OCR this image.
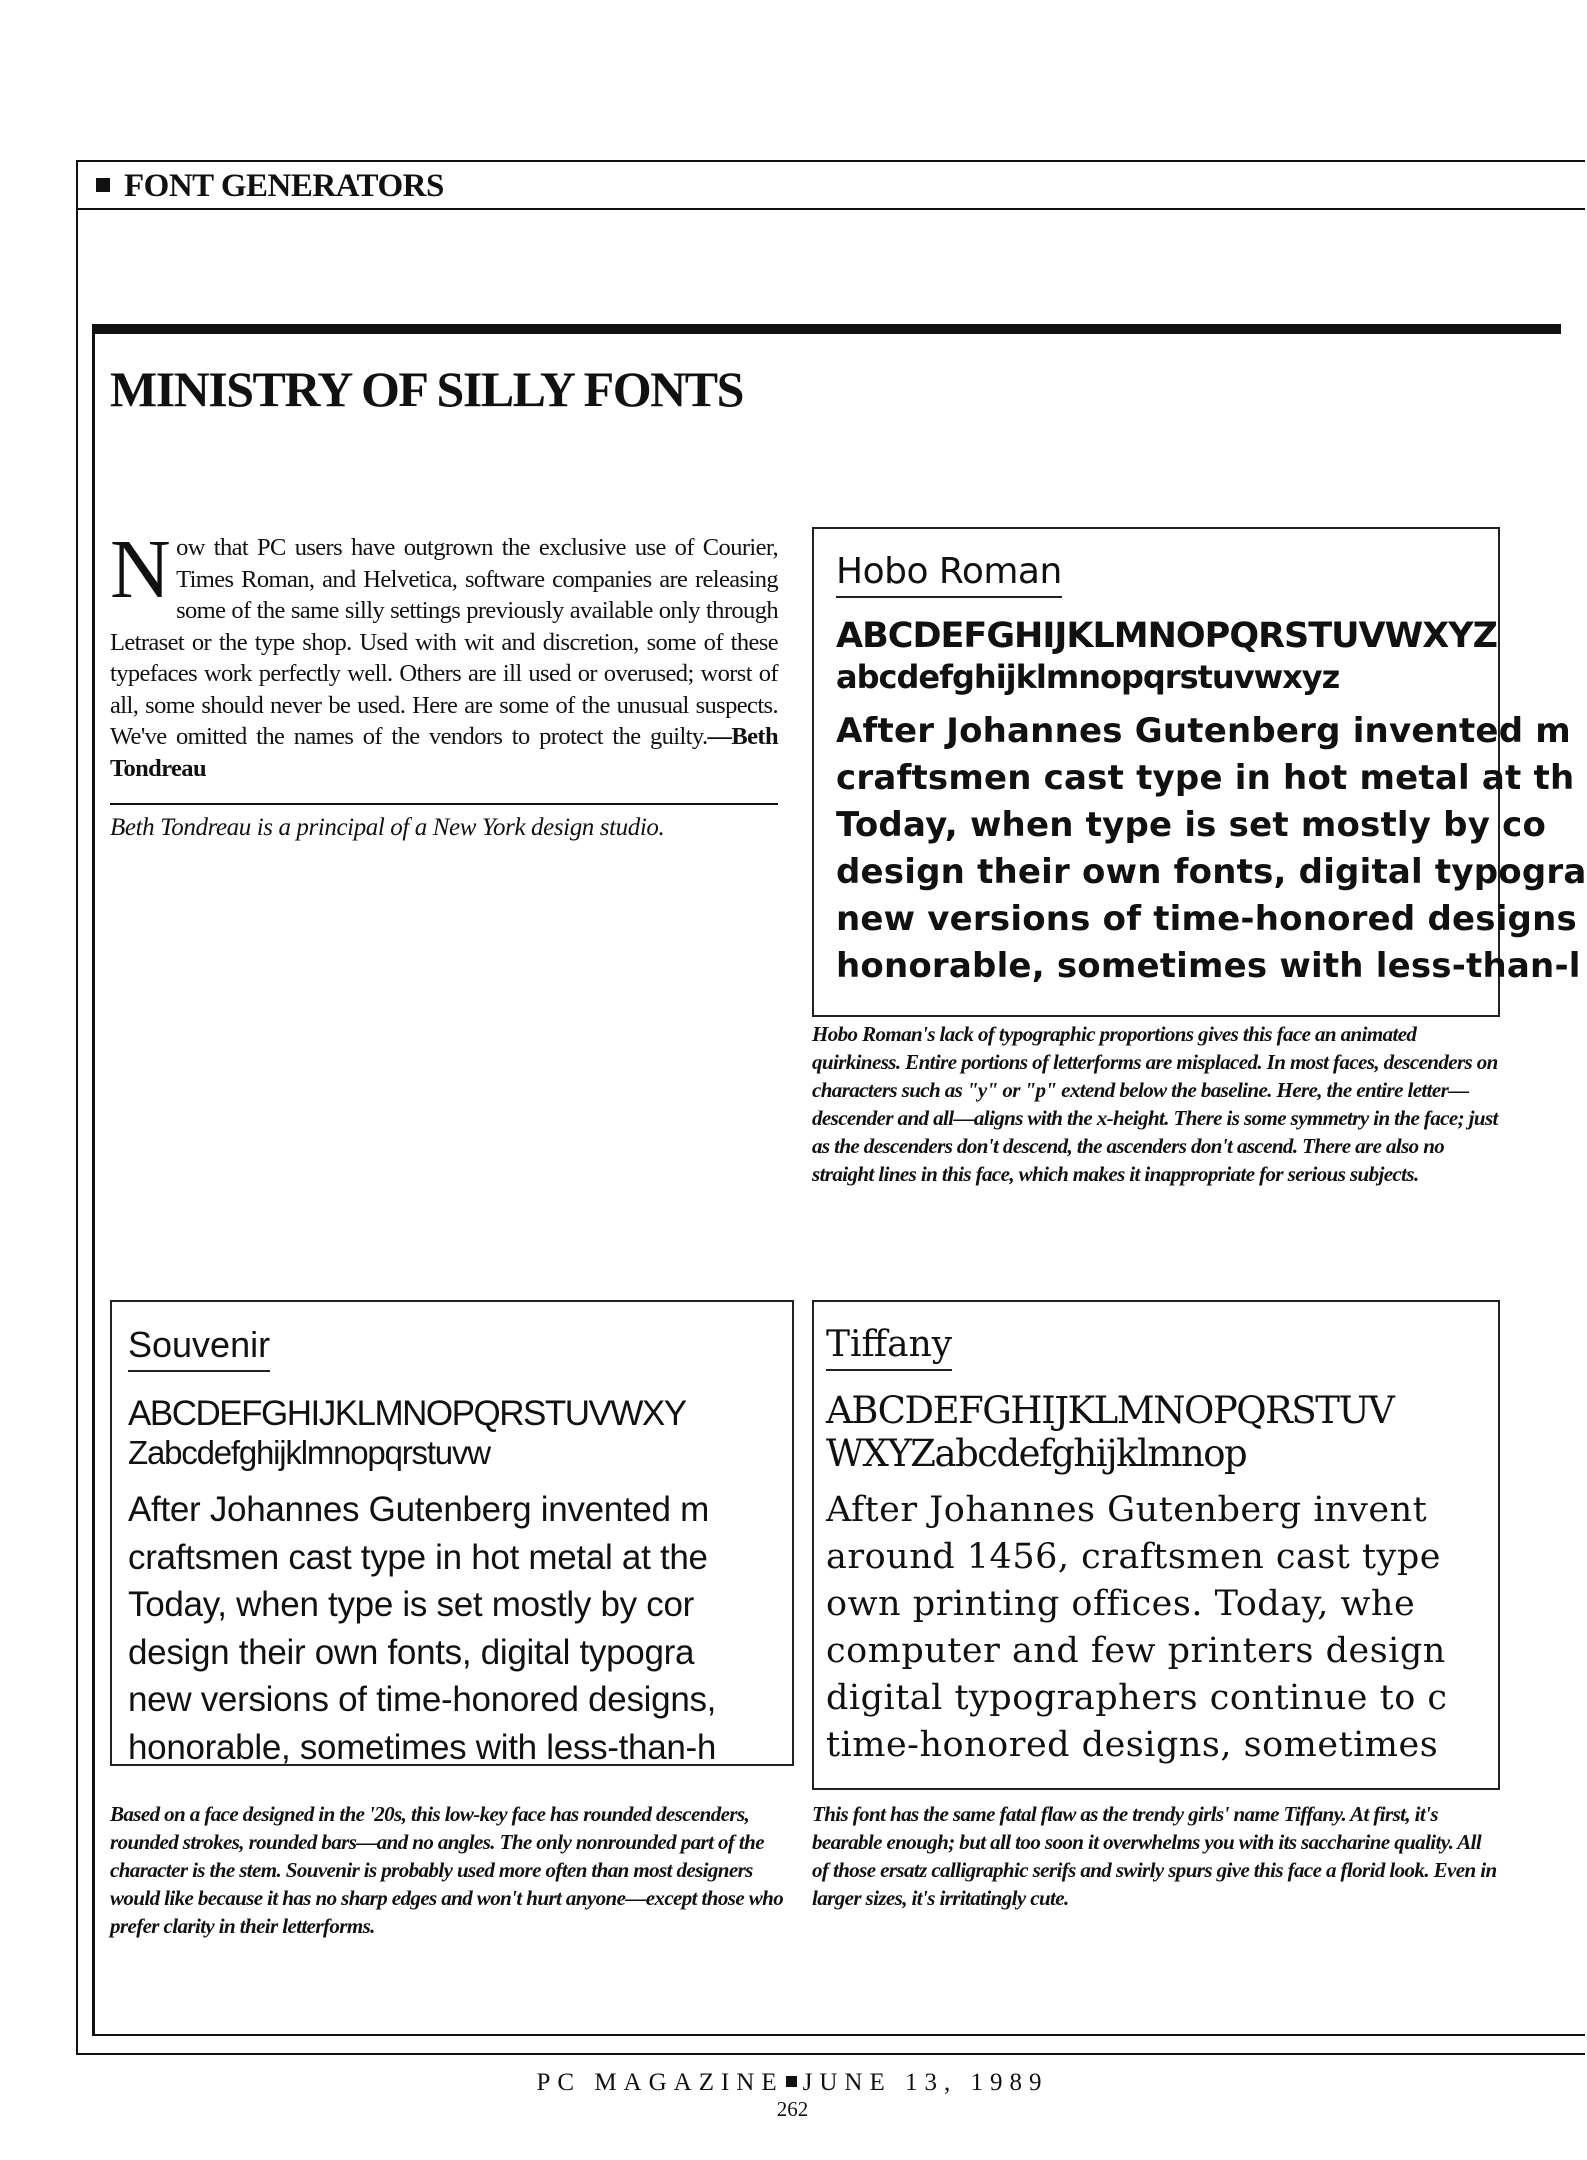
FONT GENERATORS
MINISTRY OF SILLY FONTS
Now that PC users have outgrown the exclusive use of Courier, Times Roman, and Helvetica, software companies are releasing some of the same silly settings previously available only through Letraset or the type shop. Used with wit and discretion, some of these typefaces work perfectly well. Others are ill used or overused; worst of all, some should never be used. Here are some of the unusual suspects. We've omitted the names of the vendors to protect the guilty.—Beth Tondreau
Beth Tondreau is a principal of a New York design studio.
Hobo Roman
ABCDEFGHIJKLMNOPQRSTUVWXYZ
abcdefghijklmnopqrstuvwxyz
After Johannes Gutenberg invented m
craftsmen cast type in hot metal at th
Today, when type is set mostly by co
design their own fonts, digital typogra
new versions of time-honored designs
honorable, sometimes with less-than-l
Hobo Roman's lack of typographic proportions gives this face an animated quirkiness. Entire portions of letterforms are misplaced. In most faces, descenders on characters such as "y" or "p" extend below the baseline. Here, the entire letter—descender and all—aligns with the x-height. There is some symmetry in the face; just as the descenders don't descend, the ascenders don't ascend. There are also no straight lines in this face, which makes it inappropriate for serious subjects.
Souvenir
ABCDEFGHIJKLMNOPQRSTUVWXY
Zabcdefghijklmnopqrstuvw
After Johannes Gutenberg invented m
craftsmen cast type in hot metal at the
Today, when type is set mostly by cor
design their own fonts, digital typogra
new versions of time-honored designs,
honorable, sometimes with less-than-h
Based on a face designed in the '20s, this low-key face has rounded descenders, rounded strokes, rounded bars—and no angles. The only nonrounded part of the character is the stem. Souvenir is probably used more often than most designers would like because it has no sharp edges and won't hurt anyone—except those who prefer clarity in their letterforms.
Tiffany
ABCDEFGHIJKLMNOPQRSTUV
WXYZabcdefghijklmnop
After Johannes Gutenberg invent
around 1456, craftsmen cast type
own printing offices. Today, whe
computer and few printers design
digital typographers continue to c
time-honored designs, sometimes
This font has the same fatal flaw as the trendy girls' name Tiffany. At first, it's bearable enough; but all too soon it overwhelms you with its saccharine quality. All of those ersatz calligraphic serifs and swirly spurs give this face a florid look. Even in larger sizes, it's irritatingly cute.
PC MAGAZINE JUNE 13, 1989
262
